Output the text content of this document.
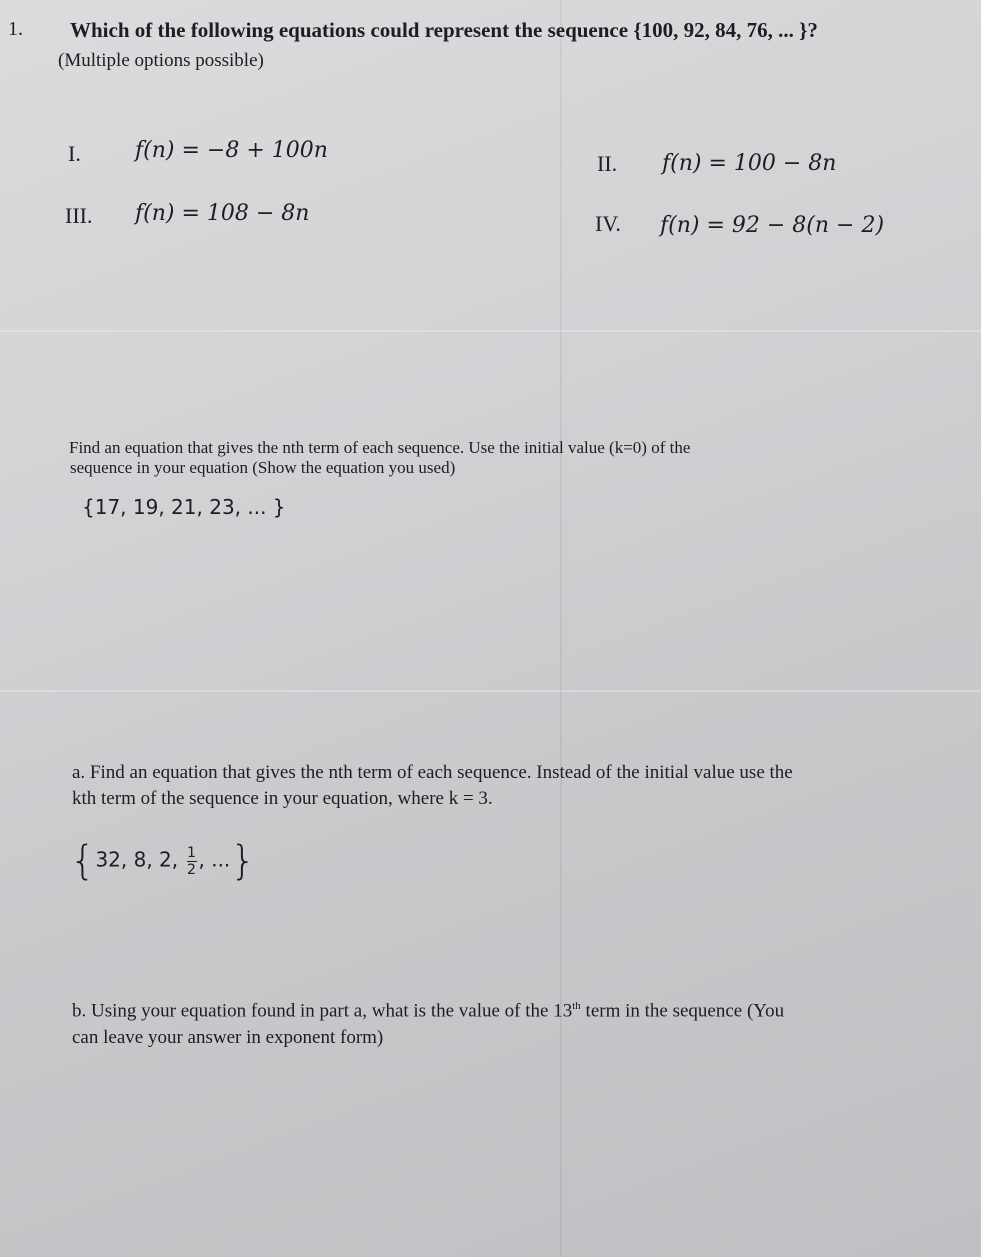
1. Which of the following equations could represent the sequence {100, 92, 84, 76, ... }?
(Multiple options possible)
I. f(n) = −8 + 100n
II. f(n) = 100 − 8n
III. f(n) = 108 − 8n	IV. f(n) = 92 − 8(n − 2)
Find an equation that gives the nth term of each sequence. Use the initial value (k=0) of the
sequence in your equation (Show the equation you used)
{17, 19, 21, 23, ... }
a. Find an equation that gives the nth term of each sequence. Instead of the initial value use the
kth term of the sequence in your equation, where k = 3.
{32, 8, 2, $\frac{1}{2}$ , ...}
b. Using your equation found in part a, what is the value of the 13th term in the sequence (You
can leave your answer in exponent form)
